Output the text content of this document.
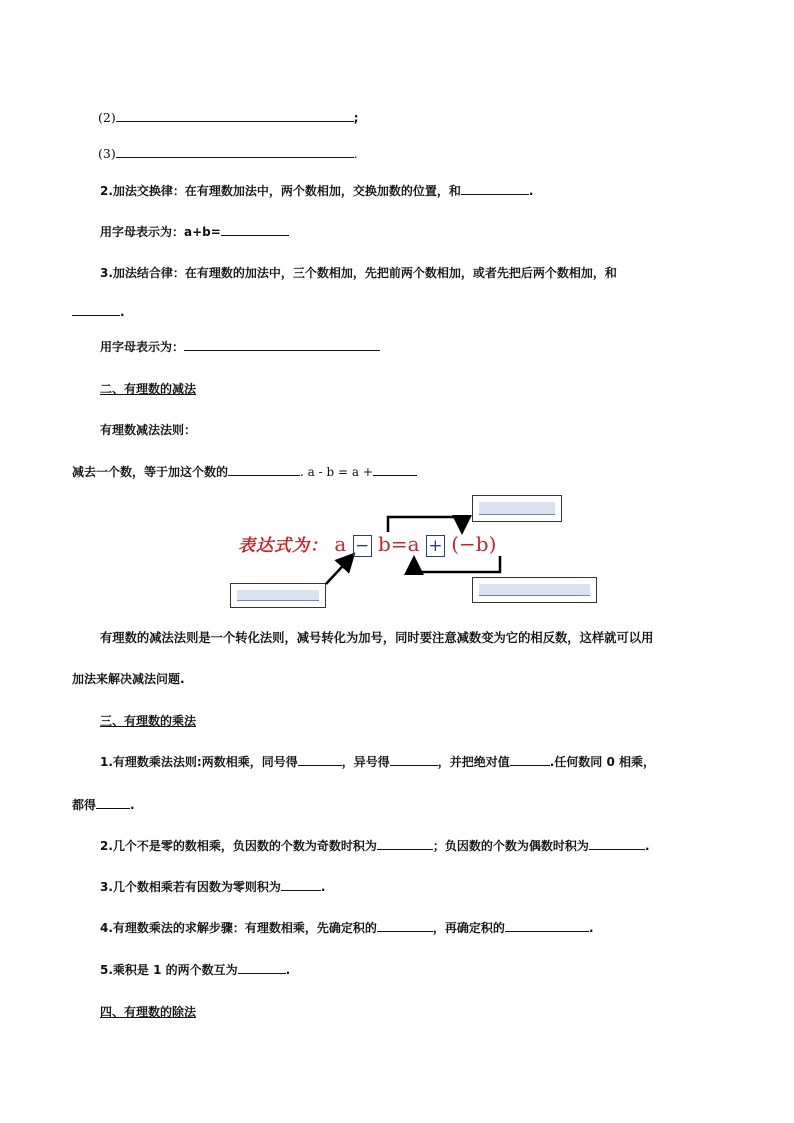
(2)	;
(3)	.
2.加法交换律：在有理数加法中，两个数相加，交换加数的位置，和	.
用字母表示为：a+b=
3.加法结合律：在有理数的加法中，三个数相加，先把前两个数相加，或者先把后两个数相加，和
.
用字母表示为：
二、有理数的减法
有理数减法法则：
减去一个数，等于加这个数的	. a - b = a +
表达式为： a − b=a + (−b)
有理数的减法法则是一个转化法则，减号转化为加号，同时要注意减数变为它的相反数，这样就可以用
加法来解决减法问题.
三、有理数的乘法
1.有理数乘法法则:两数相乘，同号得	，异号得	，并把绝对值	.任何数同 0 相乘，
都得	.
2.几个不是零的数相乘，负因数的个数为奇数时积为	；负因数的个数为偶数时积为	.
3.几个数相乘若有因数为零则积为	.
4.有理数乘法的求解步骤：有理数相乘，先确定积的	，再确定积的	.
5.乘积是 1 的两个数互为	.
四、有理数的除法
